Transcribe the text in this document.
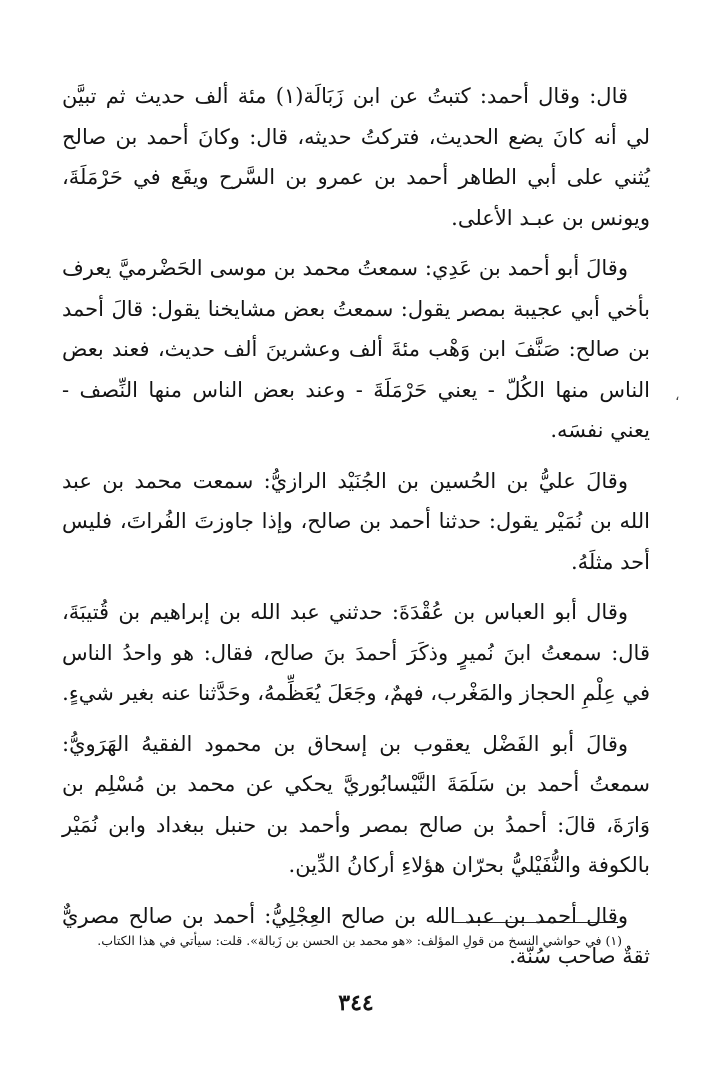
قال: وقال أحمد: كتبتُ عن ابن زَبَالَة(١) مئة ألف حديث ثم تبيَّن لي أنه كانَ يضع الحديث، فتركتُ حديثه، قال: وكانَ أحمد بن صالح يُثني على أبي الطاهر أحمد بن عمرو بن السَّرح ويقَع في حَرْمَلَةَ، ويونس بن عبـد الأعلى.

وقالَ أبو أحمد بن عَدِي: سمعتُ محمد بن موسى الحَضْرميَّ يعرف بأخي أبي عجيبة بمصر يقول: سمعتُ بعض مشايخنا يقول: قالَ أحمد بن صالح: صَنَّفَ ابن وَهْب مئةَ ألف وعشرينَ ألف حديث، فعند بعض الناس منها الكُلّ - يعني حَرْمَلَةَ - وعند بعض الناس منها النِّصف - يعني نفسَه.

وقالَ عليُّ بن الحُسين بن الجُنَيْد الرازيُّ: سمعت محمد بن عبد الله بن نُمَيْر يقول: حدثنا أحمد بن صالح، وإذا جاوزتَ الفُراتَ، فليس أحد مثلَهُ.

وقال أبو العباس بن عُقْدَةَ: حدثني عبد الله بن إبراهيم بن قُتيبَةَ، قال: سمعتُ ابنَ نُميرٍ وذكَرَ أحمدَ بنَ صالح، فقال: هو واحدُ الناس في عِلْمِ الحجاز والمَغْرب، فهمٌ، وجَعَلَ يُعَظِّمهُ، وحَدَّثنا عنه بغير شيءٍ.

وقالَ أبو الفَضْل يعقوب بن إسحاق بن محمود الفقيهُ الهَرَويُّ: سمعتُ أحمد بن سَلَمَةَ النَّيْسابُوريَّ يحكي عن محمد بن مُسْلِم بن وَارَةَ، قالَ: أحمدُ بن صالح بمصر وأحمد بن حنبل ببغداد وابن نُمَيْر بالكوفة والنُّفَيْليُّ بحرّان هؤلاءِ أركانُ الدِّين.

وقال أحمد بن عبد الله بن صالح العِجْلِيُّ: أحمد بن صالح مصريٌّ ثقةٌ صاحب سُنّة.

،
(١) في حواشي النسخ من قولِ المؤلف: «هو محمد بن الحسن بن زَبالة». قلت: سيأتي في هذا الكتاب.
٣٤٤
